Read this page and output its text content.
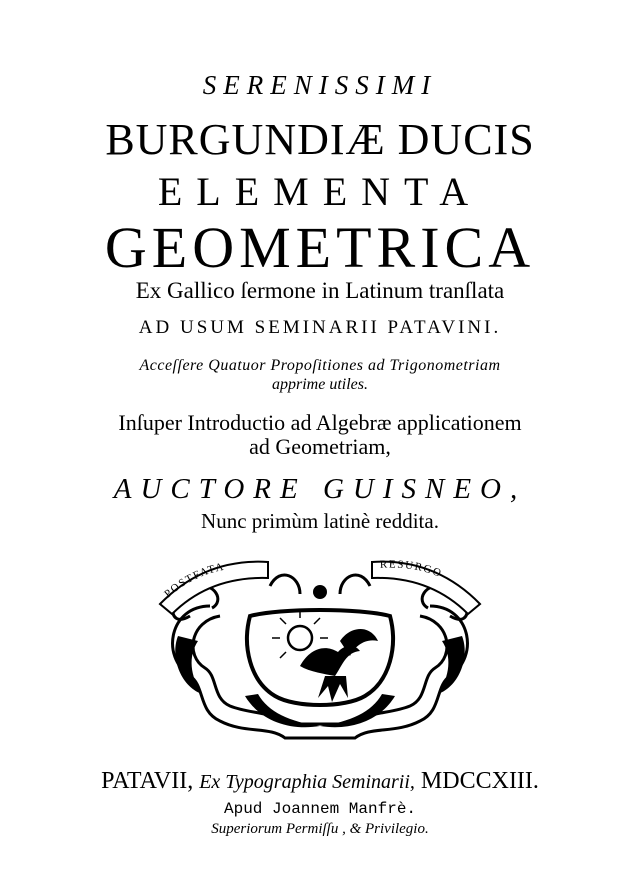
SERENISSIMI
BURGUNDIÆ DUCIS
ELEMENTA
GEOMETRICA
Ex Gallico ſermone in Latinum tranſlata
AD USUM SEMINARII PATAVINI.
Acceſſere Quatuor Propoſitiones ad Trigonometriam
apprime utiles.
Inſuper Introductio ad Algebræ applicationem
ad Geometriam,
AUCTORE GUISNEO,
Nunc primùm latinè reddita.
POSTFATA	RESURGO
PATAVII, Ex Typographia Seminarii, MDCCXIII.
Apud Joannem Manfrè.
Superiorum Permiſſu , & Privilegio.
